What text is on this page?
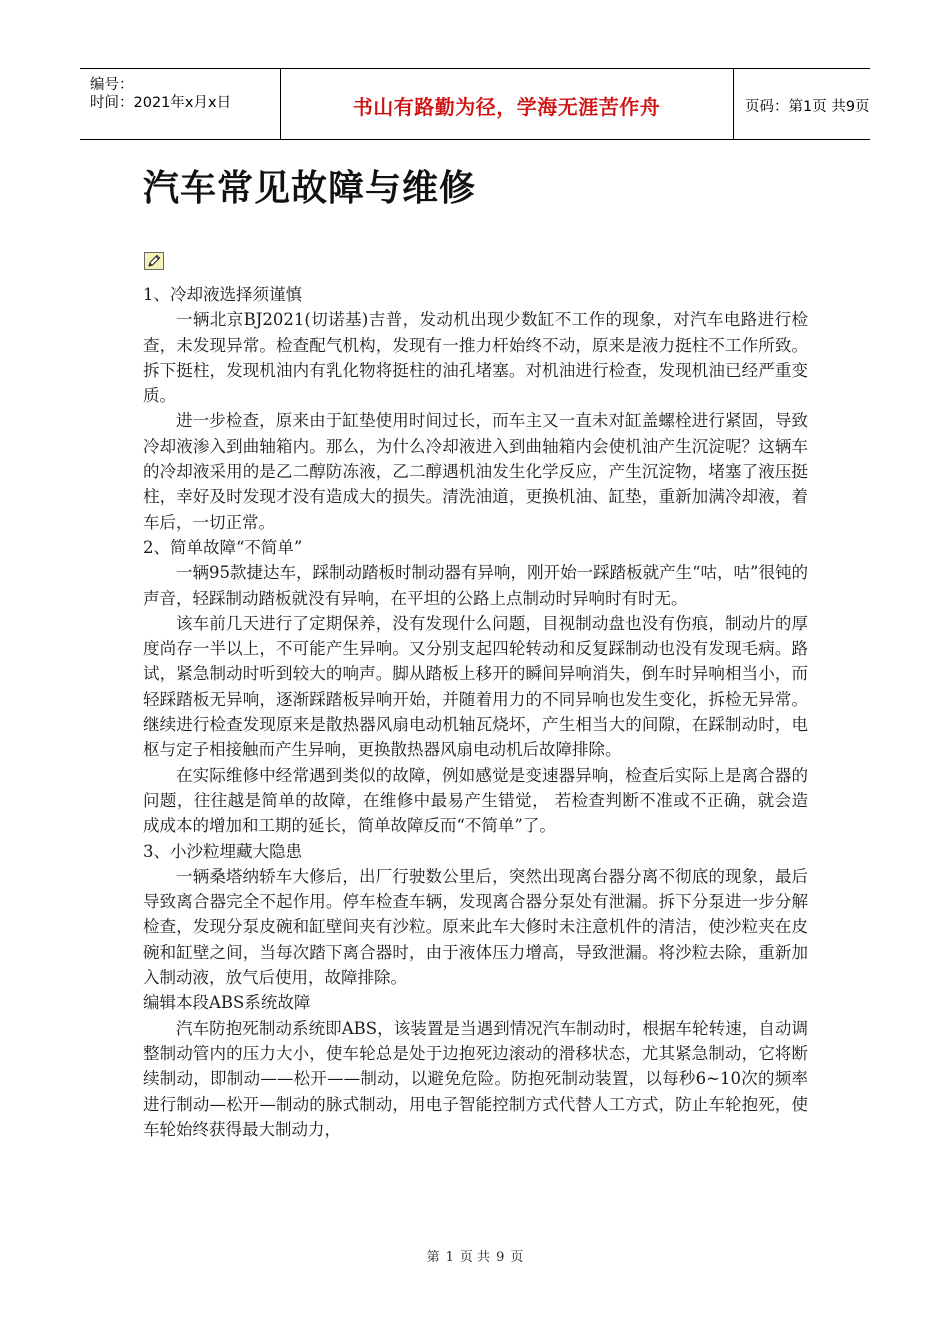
编号：
时间：2021年x月x日	书山有路勤为径，学海无涯苦作舟	页码：第1页 共9页
汽车常见故障与维修

1、冷却液选择须谨慎

一辆北京BJ2021(切诺基)吉普，发动机出现少数缸不工作的现象，对汽车电路进行检查，未发现异常。检查配气机构，发现有一推力杆始终不动，原来是液力挺柱不工作所致。拆下挺柱，发现机油内有乳化物将挺柱的油孔堵塞。对机油进行检查，发现机油已经严重变质。

进一步检查，原来由于缸垫使用时间过长，而车主又一直未对缸盖螺栓进行紧固，导致冷却液渗入到曲轴箱内。那么，为什么冷却液进入到曲轴箱内会使机油产生沉淀呢？这辆车的冷却液采用的是乙二醇防冻液，乙二醇遇机油发生化学反应，产生沉淀物，堵塞了液压挺柱，幸好及时发现才没有造成大的损失。清洗油道，更换机油、缸垫，重新加满冷却液，着车后，一切正常。

2、简单故障“不简单”

一辆95款捷达车，踩制动踏板时制动器有异响，刚开始一踩踏板就产生“咕，咕”很钝的声音，轻踩制动踏板就没有异响，在平坦的公路上点制动时异响时有时无。

该车前几天进行了定期保养，没有发现什么问题，目视制动盘也没有伤痕，制动片的厚度尚存一半以上，不可能产生异响。又分别支起四轮转动和反复踩制动也没有发现毛病。路试，紧急制动时听到较大的响声。脚从踏板上移开的瞬间异响消失，倒车时异响相当小，而轻踩踏板无异响，逐渐踩踏板异响开始，并随着用力的不同异响也发生变化，拆检无异常。继续进行检查发现原来是散热器风扇电动机轴瓦烧坏，产生相当大的间隙，在踩制动时，电枢与定子相接触而产生异响，更换散热器风扇电动机后故障排除。

在实际维修中经常遇到类似的故障，例如感觉是变速器异响，检查后实际上是离合器的问题，往往越是简单的故障，在维修中最易产生错觉， 若检查判断不准或不正确，就会造成成本的增加和工期的延长，简单故障反而“不简单”了。

3、小沙粒埋藏大隐患

一辆桑塔纳轿车大修后，出厂行驶数公里后，突然出现离台器分离不彻底的现象，最后导致离合器完全不起作用。停车检查车辆，发现离合器分泵处有泄漏。拆下分泵进一步分解检查，发现分泵皮碗和缸壁间夹有沙粒。原来此车大修时未注意机件的清洁，使沙粒夹在皮碗和缸壁之间，当每次踏下离合器时，由于液体压力增高，导致泄漏。将沙粒去除，重新加入制动液，放气后使用，故障排除。

编辑本段ABS系统故障

汽车防抱死制动系统即ABS，该装置是当遇到情况汽车制动时，根据车轮转速，自动调整制动管内的压力大小，使车轮总是处于边抱死边滚动的滑移状态，尤其紧急制动，它将断续制动，即制动——松开——制动，以避免危险。防抱死制动装置，以每秒6~10次的频率进行制动—松开—制动的脉式制动，用电子智能控制方式代替人工方式，防止车轮抱死，使车轮始终获得最大制动力，

第 1 页 共 9 页
